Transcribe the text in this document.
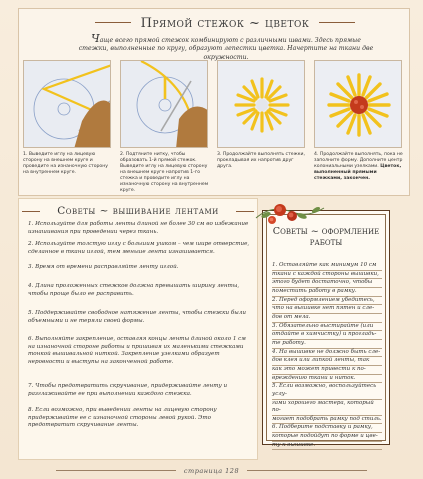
Прямой стежок ~ цветок
Чаще всего прямой стежок комбинируют с различными швами. Здесь прямые стежки, выполненные по кругу, образуют лепестки цветка. Начертите на ткани две окружности.
1. Выведите иглу на лицевую сторону на внешнем круге и проведите на изнаночную сторону на внутреннем круге.
2. Подтяните нитку, чтобы образовать 1-й прямой стежок. Выведите иглу на лицевую сторону на внешнем круге напротив 1-го стежка и проведите иглу на изнаночную сторону на внутреннем круге.
3. Продолжайте выполнять стежки, прокладывая их напротив друг друга.
4. Продолжайте выполнять, пока не заполните форму. Дополните центр колониальными узелками. Цветок, выполненный прямыми стежками, закончен.
Советы ~ вышивание лентами
1. Используйте для работы ленты длиной не более 30 см во избежание изнашивания при проведении через ткань.
2. Используйте толстую иглу с большим ушком – чем шире отверстие, сделанное в ткани иглой, тем меньше лента изнашивается.
3. Время от времени расправляйте ленту иглой.
4. Длина проложенных стежков должна превышать ширину ленты, чтобы проще было ее расправить.
5. Поддерживайте свободное натяжение ленты, чтобы стежки были объемными и не теряли своей формы.
6. Выполняйте закрепление, оставляя концы ленты длиной около 1 см на изнаночной стороне работы и пришивая их маленькими стежками тонкой вышивальной ниткой. Закрепление узелками образует неровности и выступы на законченной работе.
7. Чтобы предотвратить скручивание, придерживайте ленту и разглаживайте ее при выполнении каждого стежка.
8. Если возможно, при выведении ленты на лицевую сторону придерживайте ее с изнаночной стороны левой рукой. Это предотвратит скручивание ленты.
Советы ~ оформление работы
1. Оставляйте как минимум 10 см
ткани с каждой стороны вышивки,
этого будет достаточно, чтобы
поместить работу в рамку.
2. Перед оформлением убедитесь,
что на вышивке нет пятен и сле-
дов от мела.
3. Обязательно выстирайте (или
отдайте в химчистку) и прогладь-
те работу.
4. На вышивке не должно быть сле-
дов клея или липкой ленты, так
как это может привести к по-
вреждению ткани и ниток.
5. Если возможно, воспользуйтесь услу-
гами хорошего мастера, который по-
могает подобрать рамку под стиль.
6. Подберите подставку и рамку,
которые подойдут по форме и цве-
ту к вышивке.
страница 128
